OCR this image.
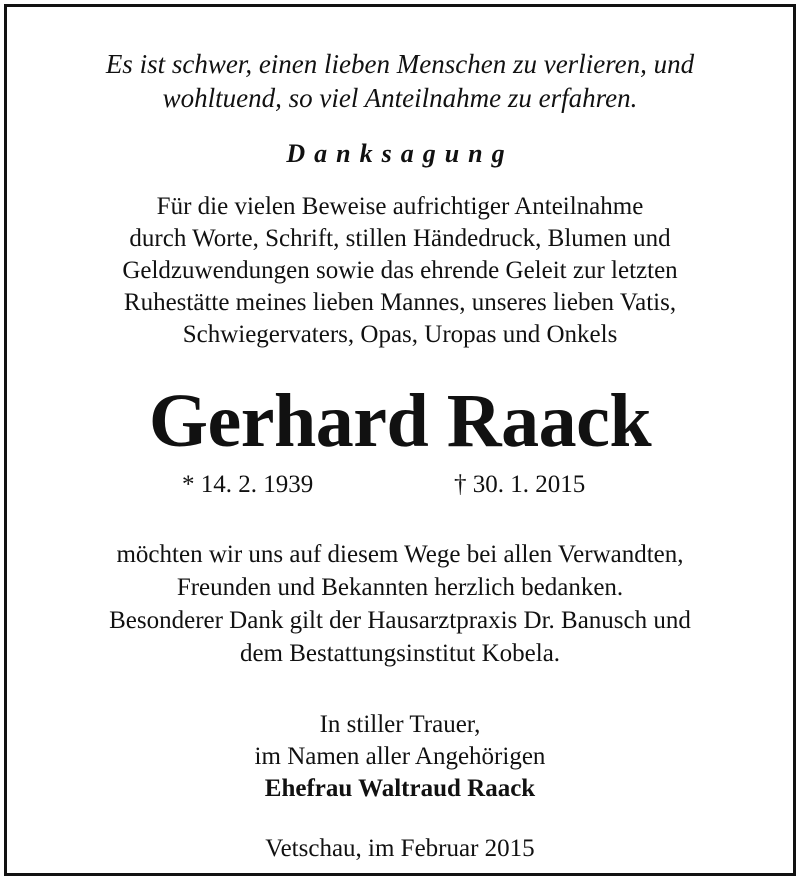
Es ist schwer, einen lieben Menschen zu verlieren, und
wohltuend, so viel Anteilnahme zu erfahren.
Danksagung
Für die vielen Beweise aufrichtiger Anteilnahme
durch Worte, Schrift, stillen Händedruck, Blumen und
Geldzuwendungen sowie das ehrende Geleit zur letzten
Ruhestätte meines lieben Mannes, unseres lieben Vatis,
Schwiegervaters, Opas, Uropas und Onkels
Gerhard Raack
* 14. 2. 1939	† 30. 1. 2015
möchten wir uns auf diesem Wege bei allen Verwandten,
Freunden und Bekannten herzlich bedanken.
Besonderer Dank gilt der Hausarztpraxis Dr. Banusch und
dem Bestattungsinstitut Kobela.
In stiller Trauer,
im Namen aller Angehörigen
Ehefrau Waltraud Raack
Vetschau, im Februar 2015
